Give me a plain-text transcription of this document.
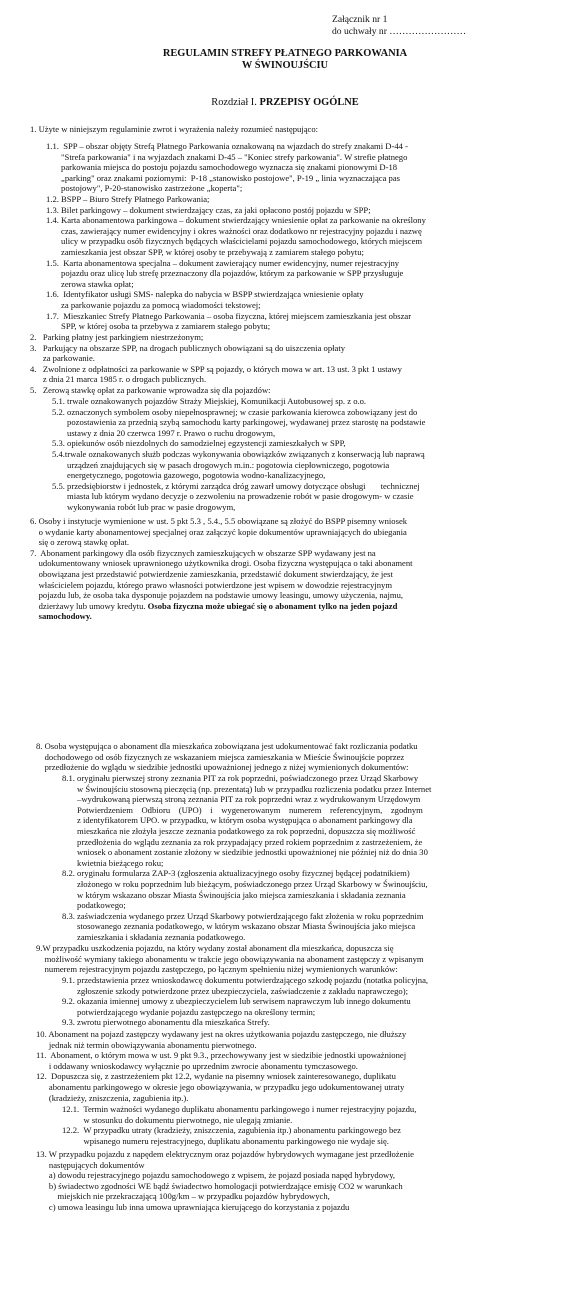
Załącznik nr 1
do uchwały nr ……………………
REGULAMIN STREFY PŁATNEGO PARKOWANIA
W ŚWINOUJŚCIU
Rozdział I. PRZEPISY OGÓLNE
1. Użyte w niniejszym regulaminie zwrot i wyrażenia należy rozumieć następująco:
1.1.  SPP – obszar objęty Strefą Płatnego Parkowania oznakowaną na wjazdach do strefy znakami D-44 -
"Strefa parkowania" i na wyjazdach znakami D-45 – "Koniec strefy parkowania". W strefie płatnego
parkowania miejsca do postoju pojazdu samochodowego wyznacza się znakami pionowymi D-18
„parking" oraz znakami poziomymi:  P-18 „stanowisko postojowe", P-19 „ linia wyznaczająca pas
postojowy", P-20-stanowisko zastrzeżone „koperta";
1.2. BSPP – Biuro Strefy Płatnego Parkowania;
1.3. Bilet parkingowy – dokument stwierdzający czas, za jaki opłacono postój pojazdu w SPP;
1.4. Karta abonamentowa parkingowa – dokument stwierdzający wniesienie opłat za parkowanie na określony
czas, zawierający numer ewidencyjny i okres ważności oraz dodatkowo nr rejestracyjny pojazdu i nazwę
ulicy w przypadku osób fizycznych będących właścicielami pojazdu samochodowego, których miejscem
zamieszkania jest obszar SPP, w której osoby te przebywają z zamiarem stałego pobytu;
1.5.  Karta abonamentowa specjalna – dokument zawierający numer ewidencyjny, numer rejestracyjny
pojazdu oraz ulicę lub strefę przeznaczony dla pojazdów, którym za parkowanie w SPP przysługuje
zerowa stawka opłat;
1.6.  Identyfikator usługi SMS- nalepka do nabycia w BSPP stwierdzająca wniesienie opłaty
za parkowanie pojazdu za pomocą wiadomości tekstowej;
1.7.  Mieszkaniec Strefy Płatnego Parkowania – osoba fizyczna, której miejscem zamieszkania jest obszar
SPP, w której osoba ta przebywa z zamiarem stałego pobytu;
2.   Parking płatny jest parkingiem niestrzeżonym;
3.   Parkujący na obszarze SPP, na drogach publicznych obowiązani są do uiszczenia opłaty
za parkowanie.
4.   Zwolnione z odpłatności za parkowanie w SPP są pojazdy, o których mowa w art. 13 ust. 3 pkt 1 ustawy
z dnia 21 marca 1985 r. o drogach publicznych.
5.   Zerową stawkę opłat za parkowanie wprowadza się dla pojazdów:
5.1. trwale oznakowanych pojazdów Straży Miejskiej, Komunikacji Autobusowej sp. z o.o.
5.2. oznaczonych symbolem osoby niepełnosprawnej; w czasie parkowania kierowca zobowiązany jest do
pozostawienia za przednią szybą samochodu karty parkingowej, wydawanej przez starostę na podstawie
ustawy z dnia 20 czerwca 1997 r. Prawo o ruchu drogowym,
5.3. opiekunów osób niezdolnych do samodzielnej egzystencji zamieszkałych w SPP,
5.4.trwale oznakowanych służb podczas wykonywania obowiązków związanych z konserwacją lub naprawą
urządzeń znajdujących się w pasach drogowych m.in.: pogotowia ciepłowniczego, pogotowia
energetycznego, pogotowia gazowego, pogotowia wodno-kanalizacyjnego,
5.5. przedsiębiorstw i jednostek, z którymi zarządca dróg zawarł umowy dotyczące obsługi       technicznej
miasta lub którym wydano decyzje o zezwoleniu na prowadzenie robót w pasie drogowym- w czasie
wykonywania robót lub prac w pasie drogowym,
6. Osoby i instytucje wymienione w ust. 5 pkt 5.3 , 5.4., 5.5 obowiązane są złożyć do BSPP pisemny wniosek
o wydanie karty abonamentowej specjalnej oraz załączyć kopie dokumentów uprawniających do ubiegania
się o zerową stawkę opłat.
7.  Abonament parkingowy dla osób fizycznych zamieszkujących w obszarze SPP wydawany jest na
udokumentowany wniosek uprawnionego użytkownika drogi. Osoba fizyczna występująca o taki abonament
obowiązana jest przedstawić potwierdzenie zamieszkania, przedstawić dokument stwierdzający, że jest
właścicielem pojazdu, którego prawo własności potwierdzone jest wpisem w dowodzie rejestracyjnym
pojazdu lub, że osoba taka dysponuje pojazdem na podstawie umowy leasingu, umowy użyczenia, najmu,
dzierżawy lub umowy kredytu. Osoba fizyczna może ubiegać się o abonament tylko na jeden pojazd
samochodowy.
8. Osoba występująca o abonament dla mieszkańca zobowiązana jest udokumentować fakt rozliczania podatku
dochodowego od osób fizycznych ze wskazaniem miejsca zamieszkania w Mieście Świnoujście poprzez
przedłożenie do wglądu w siedzibie jednostki upoważnionej jednego z niżej wymienionych dokumentów:
8.1. oryginału pierwszej strony zeznania PIT za rok poprzedni, poświadczonego przez Urząd Skarbowy
w Świnoujściu stosowną pieczęcią (np. prezentatą) lub w przypadku rozliczenia podatku przez Internet
–wydrukowaną pierwszą stroną zeznania PIT za rok poprzedni wraz z wydrukowanym Urzędowym
Potwierdzeniem    Odbioru    (UPO)    i    wygenerowanym    numerem    referencyjnym,    zgodnym
z identyfikatorem UPO. w przypadku, w którym osoba występująca o abonament parkingowy dla
mieszkańca nie złożyła jeszcze zeznania podatkowego za rok poprzedni, dopuszcza się możliwość
przedłożenia do wglądu zeznania za rok przypadający przed rokiem poprzednim z zastrzeżeniem, że
wniosek o abonament zostanie złożony w siedzibie jednostki upoważnionej nie później niż do dnia 30
kwietnia bieżącego roku;
8.2. oryginału formularza ZAP-3 (zgłoszenia aktualizacyjnego osoby fizycznej będącej podatnikiem)
złożonego w roku poprzednim lub bieżącym, poświadczonego przez Urząd Skarbowy w Świnoujściu,
w którym wskazano obszar Miasta Świnoujścia jako miejsca zamieszkania i składania zeznania
podatkowego;
8.3. zaświadczenia wydanego przez Urząd Skarbowy potwierdzającego fakt złożenia w roku poprzednim
stosowanego zeznania podatkowego, w którym wskazano obszar Miasta Świnoujścia jako miejsca
zamieszkania i składania zeznania podatkowego.
9.W przypadku uszkodzenia pojazdu, na który wydany został abonament dla mieszkańca, dopuszcza się
możliwość wymiany takiego abonamentu w trakcie jego obowiązywania na abonament zastępczy z wpisanym
numerem rejestracyjnym pojazdu zastępczego, po łącznym spełnieniu niżej wymienionych warunków:
9.1. przedstawienia przez wnioskodawcę dokumentu potwierdzającego szkodę pojazdu (notatka policyjna,
zgłoszenie szkody potwierdzone przez ubezpieczyciela, zaświadczenie z zakładu naprawczego);
9.2. okazania imiennej umowy z ubezpieczycielem lub serwisem naprawczym lub innego dokumentu
potwierdzającego wydanie pojazdu zastępczego na określony termin;
9.3. zwrotu pierwotnego abonamentu dla mieszkańca Strefy.
10. Abonament na pojazd zastępczy wydawany jest na okres użytkowania pojazdu zastępczego, nie dłuższy
jednak niż termin obowiązywania abonamentu pierwotnego.
11.  Abonament, o którym mowa w ust. 9 pkt 9.3., przechowywany jest w siedzibie jednostki upoważnionej
i oddawany wnioskodawcy wyłącznie po uprzednim zwrocie abonamentu tymczasowego.
12.  Dopuszcza się, z zastrzeżeniem pkt 12.2, wydanie na pisemny wniosek zainteresowanego, duplikatu
abonamentu parkingowego w okresie jego obowiązywania, w przypadku jego udokumentowanej utraty
(kradzieży, zniszczenia, zagubienia itp.).
12.1.  Termin ważności wydanego duplikatu abonamentu parkingowego i numer rejestracyjny pojazdu,
w stosunku do dokumentu pierwotnego, nie ulegają zmianie.
12.2.  W przypadku utraty (kradzieży, zniszczenia, zagubienia itp.) abonamentu parkingowego bez
wpisanego numeru rejestracyjnego, duplikatu abonamentu parkingowego nie wydaje się.
13. W przypadku pojazdu z napędem elektrycznym oraz pojazdów hybrydowych wymagane jest przedłożenie
następujących dokumentów
a) dowodu rejestracyjnego pojazdu samochodowego z wpisem, że pojazd posiada napęd hybrydowy,
b) świadectwo zgodności WE bądź świadectwo homologacji potwierdzające emisję CO2 w warunkach
miejskich nie przekraczającą 100g/km – w przypadku pojazdów hybrydowych,
c) umowa leasingu lub inna umowa uprawniająca kierującego do korzystania z pojazdu
